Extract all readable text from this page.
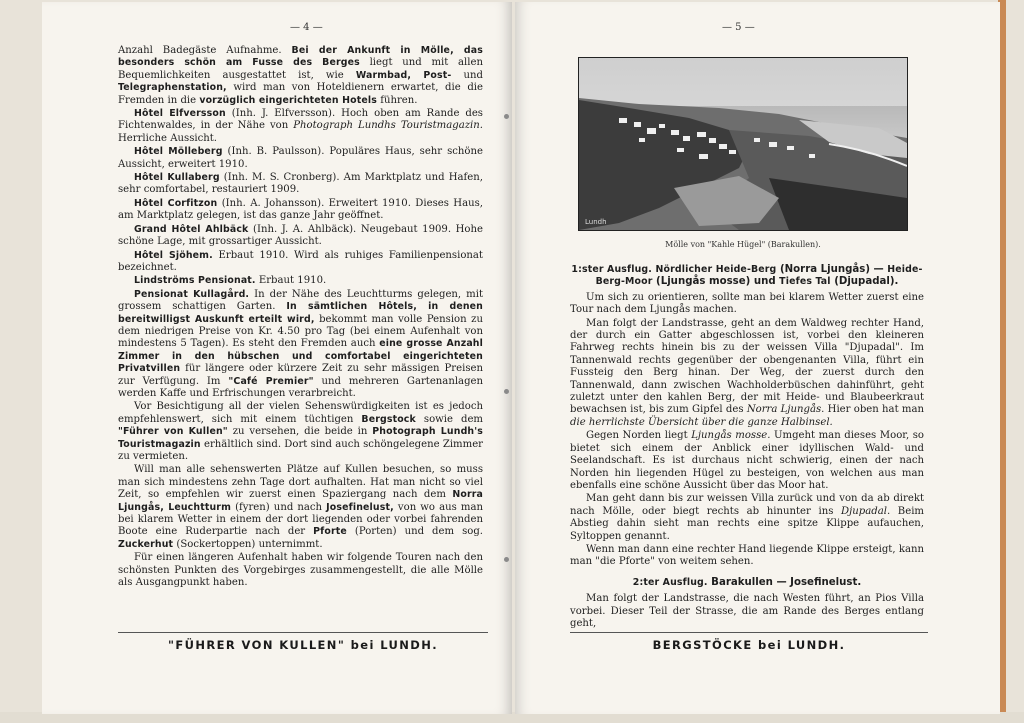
— 4 —

Anzahl Badegäste Aufnahme. Bei der Ankunft in Mölle, das besonders schön am Fusse des Berges liegt und mit allen Bequemlichkeiten ausgestattet ist, wie Warmbad, Post- und Telegraphenstation, wird man von Hoteldienern erwartet, die die Fremden in die vorzüglich eingerichteten Hotels führen.

Hôtel Elfversson (Inh. J. Elfversson). Hoch oben am Rande des Fichtenwaldes, in der Nähe von Photograph Lundhs Touristmagazin. Herrliche Aussicht.

Hôtel Mölleberg (Inh. B. Paulsson). Populäres Haus, sehr schöne Aussicht, erweitert 1910.

Hôtel Kullaberg (Inh. M. S. Cronberg). Am Marktplatz und Hafen, sehr comfortabel, restauriert 1909.

Hôtel Corfitzon (Inh. A. Johansson). Erweitert 1910. Dieses Haus, am Marktplatz gelegen, ist das ganze Jahr geöffnet.

Grand Hôtel Ahlbäck (Inh. J. A. Ahlbäck). Neugebaut 1909. Hohe schöne Lage, mit grossartiger Aussicht.

Hôtel Sjöhem. Erbaut 1910. Wird als ruhiges Familienpensionat bezeichnet.

Lindströms Pensionat. Erbaut 1910.

Pensionat Kullagård. In der Nähe des Leuchtturms gelegen, mit grossem schattigen Garten. In sämtlichen Hôtels, in denen bereitwilligst Auskunft erteilt wird, bekommt man volle Pension zu dem niedrigen Preise von Kr. 4.50 pro Tag (bei einem Aufenhalt von mindestens 5 Tagen). Es steht den Fremden auch eine grosse Anzahl Zimmer in den hübschen und comfortabel eingerichteten Privatvillen für längere oder kürzere Zeit zu sehr mässigen Preisen zur Verfügung. Im "Café Premier" und mehreren Gartenanlagen werden Kaffe und Erfrischungen verarbreicht.

Vor Besichtigung all der vielen Sehenswürdigkeiten ist es jedoch empfehlenswert, sich mit einem tüchtigen Bergstock sowie dem "Führer von Kullen" zu versehen, die beide in Photograph Lundh's Touristmagazin erhältlich sind. Dort sind auch schöngelegene Zimmer zu vermieten.

Will man alle sehenswerten Plätze auf Kullen besuchen, so muss man sich mindestens zehn Tage dort aufhalten. Hat man nicht so viel Zeit, so empfehlen wir zuerst einen Spaziergang nach dem Norra Ljungås, Leuchtturm (fyren) und nach Josefinelust, von wo aus man bei klarem Wetter in einem der dort liegenden oder vorbei fahrenden Boote eine Ruderpartie nach der Pforte (Porten) und dem sog. Zuckerhut (Sockertoppen) unternimmt.

Für einen längeren Aufenhalt haben wir folgende Touren nach den schönsten Punkten des Vorgebirges zusammengestellt, die alle Mölle als Ausgangpunkt haben.

"FÜHRER VON KULLEN" bei LUNDH.
— 5 —
Lundh
Mölle von "Kahle Hügel" (Barakullen).

1:ster Ausflug. Nördlicher Heide-Berg (Norra Ljungås) — Heide-Berg-Moor (Ljungås mosse) und Tiefes Tal (Djupadal).

Um sich zu orientieren, sollte man bei klarem Wetter zuerst eine Tour nach dem Ljungås machen.

Man folgt der Landstrasse, geht an dem Waldweg rechter Hand, der durch ein Gatter abgeschlossen ist, vorbei den kleineren Fahrweg rechts hinein bis zu der weissen Villa "Djupadal". Im Tannenwald rechts gegenüber der obengenanten Villa, führt ein Fussteig den Berg hinan. Der Weg, der zuerst durch den Tannenwald, dann zwischen Wachholderbüschen dahinführt, geht zuletzt unter den kahlen Berg, der mit Heide- und Blaubeerkraut bewachsen ist, bis zum Gipfel des Norra Ljungås. Hier oben hat man die herrlichste Übersicht über die ganze Halbinsel.

Gegen Norden liegt Ljungås mosse. Umgeht man dieses Moor, so bietet sich einem der Anblick einer idyllischen Wald- und Seelandschaft. Es ist durchaus nicht schwierig, einen der nach Norden hin liegenden Hügel zu besteigen, von welchen aus man ebenfalls eine schöne Aussicht über das Moor hat.

Man geht dann bis zur weissen Villa zurück und von da ab direkt nach Mölle, oder biegt rechts ab hinunter ins Djupadal. Beim Abstieg dahin sieht man rechts eine spitze Klippe aufauchen, Syltoppen genannt.

Wenn man dann eine rechter Hand liegende Klippe ersteigt, kann man "die Pforte" von weitem sehen.

2:ter Ausflug. Barakullen — Josefinelust.

Man folgt der Landstrasse, die nach Westen führt, an Pios Villa vorbei. Dieser Teil der Strasse, die am Rande des Berges entlang geht,

BERGSTÖCKE bei LUNDH.
